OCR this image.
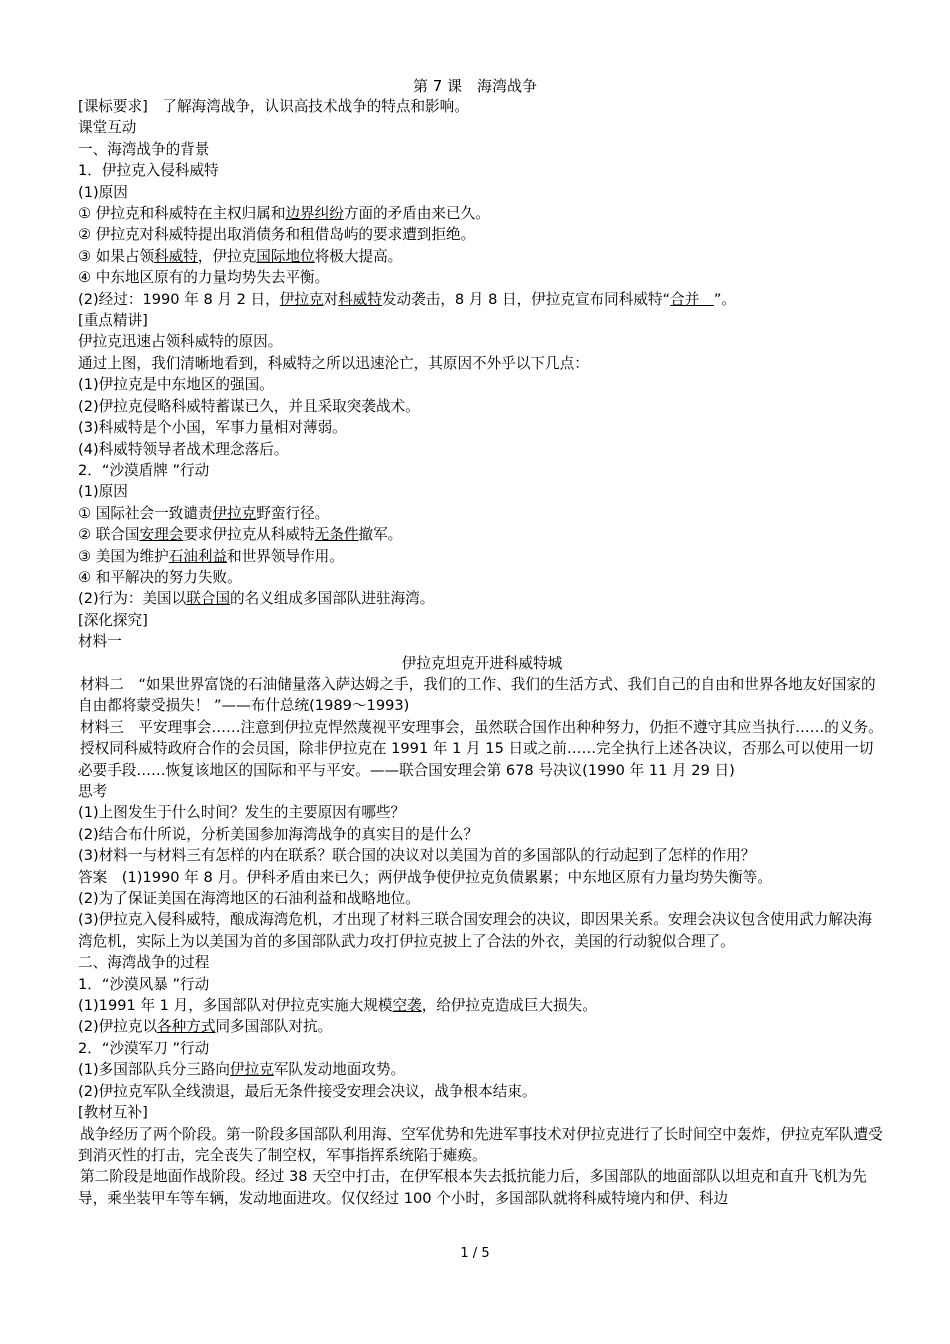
第 7 课　海湾战争

[课标要求]　了解海湾战争，认识高技术战争的特点和影响。

课堂互动

一、海湾战争的背景

1．伊拉克入侵科威特

(1)原因

① 伊拉克和科威特在主权归属和边界纠纷方面的矛盾由来已久。

② 伊拉克对科威特提出取消债务和租借岛屿的要求遭到拒绝。

③ 如果占领科威特，伊拉克国际地位将极大提高。

④ 中东地区原有的力量均势失去平衡。

(2)经过：1990 年 8 月 2 日，伊拉克对科威特发动袭击，8 月 8 日，伊拉克宣布同科威特“合并　”。

[重点精讲]

伊拉克迅速占领科威特的原因。

通过上图，我们清晰地看到，科威特之所以迅速沦亡，其原因不外乎以下几点：

(1)伊拉克是中东地区的强国。

(2)伊拉克侵略科威特蓄谋已久，并且采取突袭战术。

(3)科威特是个小国，军事力量相对薄弱。

(4)科威特领导者战术理念落后。

2．“沙漠盾牌 ”行动

(1)原因

① 国际社会一致谴责伊拉克野蛮行径。

② 联合国安理会要求伊拉克从科威特无条件撤军。

③ 美国为维护石油利益和世界领导作用。

④ 和平解决的努力失败。

(2)行为：美国以联合国的名义组成多国部队进驻海湾。

[深化探究]

材料一

伊拉克坦克开进科威特城

材料二　“如果世界富饶的石油储量落入萨达姆之手，我们的工作、我们的生活方式、我们自己的自由和世界各地友好国家的自由都将蒙受损失！ ”——布什总统(1989～1993)

材料三　平安理事会……注意到伊拉克悍然蔑视平安理事会，虽然联合国作出种种努力，仍拒不遵守其应当执行……的义务。

授权同科威特政府合作的会员国，除非伊拉克在 1991 年 1 月 15 日或之前……完全执行上述各决议，否那么可以使用一切必要手段……恢复该地区的国际和平与平安。——联合国安理会第 678 号决议(1990 年 11 月 29 日)

思考

(1)上图发生于什么时间？发生的主要原因有哪些？

(2)结合布什所说，分析美国参加海湾战争的真实目的是什么？

(3)材料一与材料三有怎样的内在联系？联合国的决议对以美国为首的多国部队的行动起到了怎样的作用？

答案　(1)1990 年 8 月。伊科矛盾由来已久；两伊战争使伊拉克负债累累；中东地区原有力量均势失衡等。

(2)为了保证美国在海湾地区的石油利益和战略地位。

(3)伊拉克入侵科威特，酿成海湾危机，才出现了材料三联合国安理会的决议，即因果关系。安理会决议包含使用武力解决海湾危机，实际上为以美国为首的多国部队武力攻打伊拉克披上了合法的外衣，美国的行动貌似合理了。

二、海湾战争的过程

1．“沙漠风暴 ”行动

(1)1991 年 1 月，多国部队对伊拉克实施大规模空袭，给伊拉克造成巨大损失。

(2)伊拉克以各种方式同多国部队对抗。

2．“沙漠军刀 ”行动

(1)多国部队兵分三路向伊拉克军队发动地面攻势。

(2)伊拉克军队全线溃退，最后无条件接受安理会决议，战争根本结束。

[教材互补]

战争经历了两个阶段。第一阶段多国部队利用海、空军优势和先进军事技术对伊拉克进行了长时间空中轰炸，伊拉克军队遭受到消灭性的打击，完全丧失了制空权，军事指挥系统陷于瘫痪。

第二阶段是地面作战阶段。经过 38 天空中打击，在伊军根本失去抵抗能力后，多国部队的地面部队以坦克和直升飞机为先导，乘坐装甲车等车辆，发动地面进攻。仅仅经过 100 个小时，多国部队就将科威特境内和伊、科边

1 / 5
